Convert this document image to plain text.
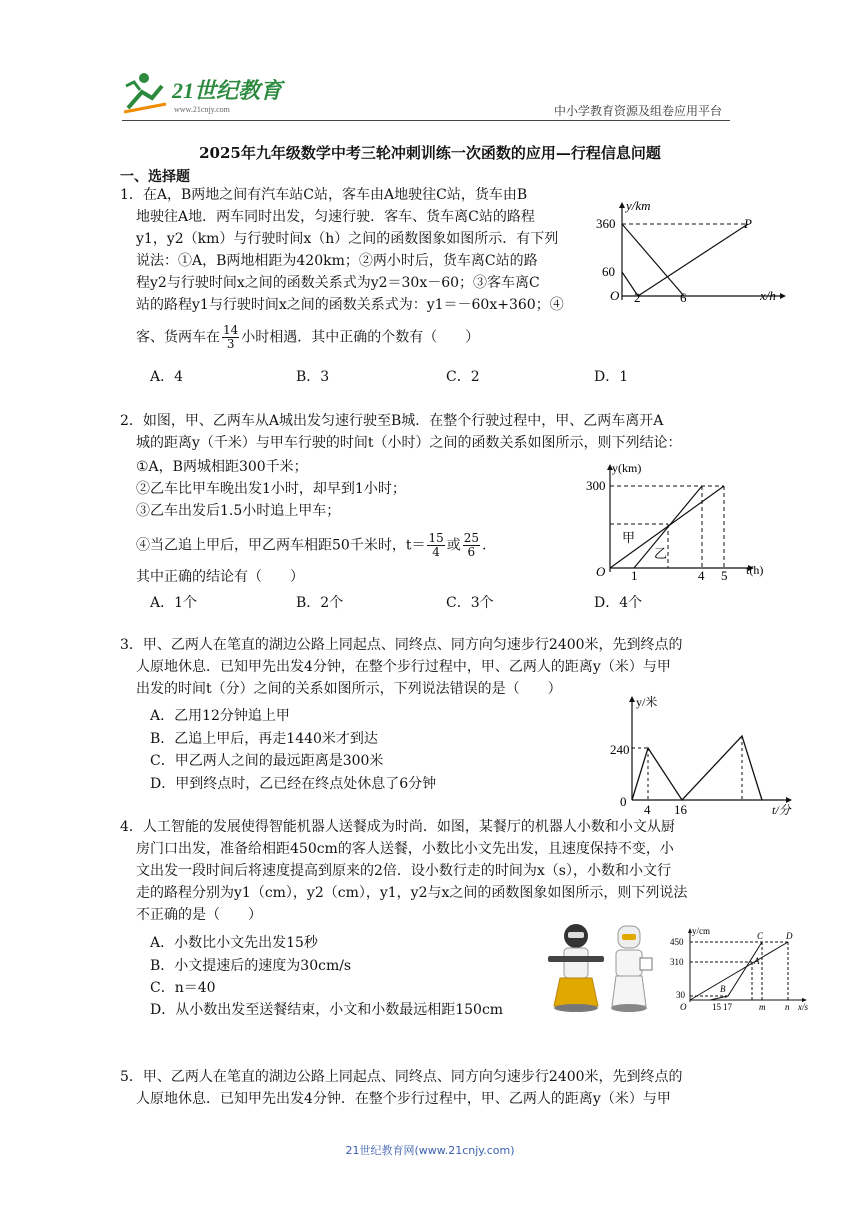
21世纪教育
www.21cnjy.com	中小学教育资源及组卷应用平台
2025年九年级数学中考三轮冲刺训练一次函数的应用—行程信息问题
一、选择题
1．在A，B两地之间有汽车站C站，客车由A地驶往C站，货车由B
地驶往A地．两车同时出发，匀速行驶．客车、货车离C站的路程
y1，y2（km）与行驶时间x（h）之间的函数图象如图所示．有下列
说法：①A，B两地相距为420km；②两小时后，货车离C站的路
程y2与行驶时间x之间的函数关系式为y2＝30x－60；③客车离C
站的路程y1与行驶时间x之间的函数关系式为：y1＝－60x+360；④
客、货两车在 $\frac{14}{3}$ 小时相遇．其中正确的个数有（　　）
A．4	B．3	C．2	D．1
y/km
x/h
O
360
60
2	6
P
2．如图，甲、乙两车从A城出发匀速行驶至B城．在整个行驶过程中，甲、乙两车离开A
城的距离y（千米）与甲车行驶的时间t（小时）之间的函数关系如图所示，则下列结论：
①A，B两城相距300千米；
②乙车比甲车晚出发1小时，却早到1小时；
③乙车出发后1.5小时追上甲车；
④当乙追上甲后，甲乙两车相距50千米时，$t= \frac{15}{4}$ 或 $\frac{25}{6}$ .
其中正确的结论有（　　）
A．1个	B．2个	C．3个	D．4个
y(km)
t(h)
O
300
1	4 5
甲
乙
3．甲、乙两人在笔直的湖边公路上同起点、同终点、同方向匀速步行2400米，先到终点的
人原地休息．已知甲先出发4分钟，在整个步行过程中，甲、乙两人的距离y（米）与甲
出发的时间t（分）之间的关系如图所示，下列说法错误的是（　　）
A．乙用12分钟追上甲
B．乙追上甲后，再走1440米才到达
C．甲乙两人之间的最远距离是300米
D．甲到终点时，乙已经在终点处休息了6分钟
y/米
t/分
0
240
4 16
4．人工智能的发展使得智能机器人送餐成为时尚．如图，某餐厅的机器人小数和小文从厨
房门口出发，准备给相距450cm的客人送餐，小数比小文先出发，且速度保持不变，小
文出发一段时间后将速度提高到原来的2倍．设小数行走的时间为x（s），小数和小文行
走的路程分别为y1（cm），y2（cm），y1，y2与x之间的函数图象如图所示，则下列说法
不正确的是（　　）
A．小数比小文先出发15秒
B．小文提速后的速度为30cm/s
C．n＝40
D．从小数出发至送餐结束，小文和小数最远相距150cm
y/cm
x/s
O
450
310
30
15 17	m n
C	D
A
B
5．甲、乙两人在笔直的湖边公路上同起点、同终点、同方向匀速步行2400米，先到终点的
人原地休息．已知甲先出发4分钟．在整个步行过程中，甲、乙两人的距离y（米）与甲
21世纪教育网(www.21cnjy.com)
